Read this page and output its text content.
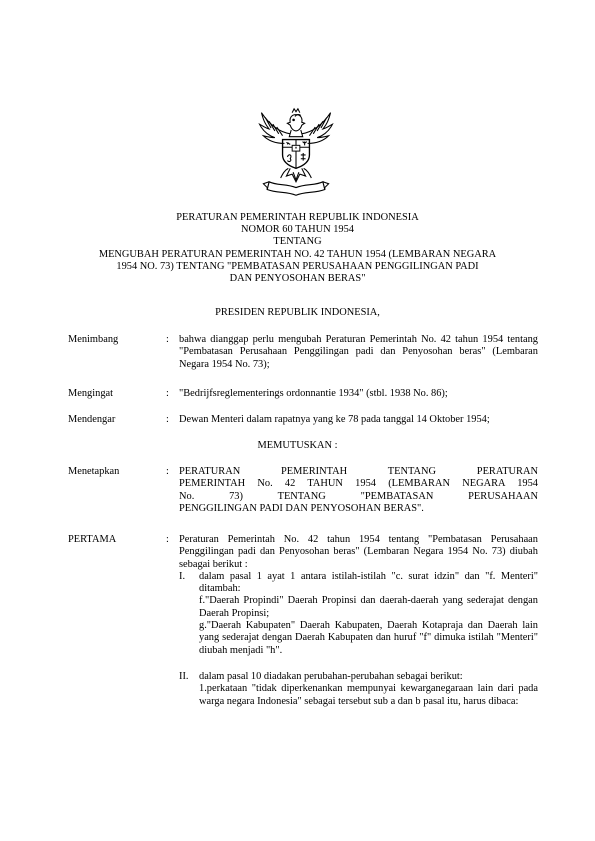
PERATURAN PEMERINTAH REPUBLIK INDONESIA
NOMOR 60 TAHUN 1954
TENTANG
MENGUBAH PERATURAN PEMERINTAH NO. 42 TAHUN 1954 (LEMBARAN NEGARA
1954 NO. 73) TENTANG "PEMBATASAN PERUSAHAAN PENGGILINGAN PADI
DAN PENYOSOHAN BERAS"
PRESIDEN REPUBLIK INDONESIA,
Menimbang	: bahwa dianggap perlu mengubah Peraturan Pemerintah No. 42 tahun 1954 tentang "Pembatasan Perusahaan Penggilingan padi dan Penyosohan beras" (Lembaran Negara 1954 No. 73);
Mengingat	: "Bedrijfsreglementerings ordonnantie 1934" (stbl. 1938 No. 86);
Mendengar	: Dewan Menteri dalam rapatnya yang ke 78 pada tanggal 14 Oktober 1954;
MEMUTUSKAN :
Menetapkan	: PERATURAN PEMERINTAH TENTANG PERATURAN
PEMERINTAH No. 42 TAHUN 1954 (LEMBARAN NEGARA 1954
No. 73) TENTANG "PEMBATASAN PERUSAHAAN
PENGGILINGAN PADI DAN PENYOSOHAN BERAS".
PERTAMA	: Peraturan Pemerintah No. 42 tahun 1954 tentang "Pembatasan Perusahaan Penggilingan padi dan Penyosohan beras" (Lembaran Negara 1954 No. 73) diubah sebagai berikut :
I. dalam pasal 1 ayat 1 antara istilah-istilah "c. surat idzin" dan "f. Menteri" ditambah:
f."Daerah Propindi" Daerah Propinsi dan daerah-daerah yang sederajat dengan Daerah Propinsi;
g."Daerah Kabupaten" Daerah Kabupaten, Daerah Kotapraja dan Daerah lain yang sederajat dengan Daerah Kabupaten dan huruf "f" dimuka istilah "Menteri" diubah menjadi "h".
II. dalam pasal 10 diadakan perubahan-perubahan sebagai berikut:
1.perkataan "tidak diperkenankan mempunyai kewarganegaraan lain dari pada warga negara Indonesia" sebagai tersebut sub a dan b pasal itu, harus dibaca:
